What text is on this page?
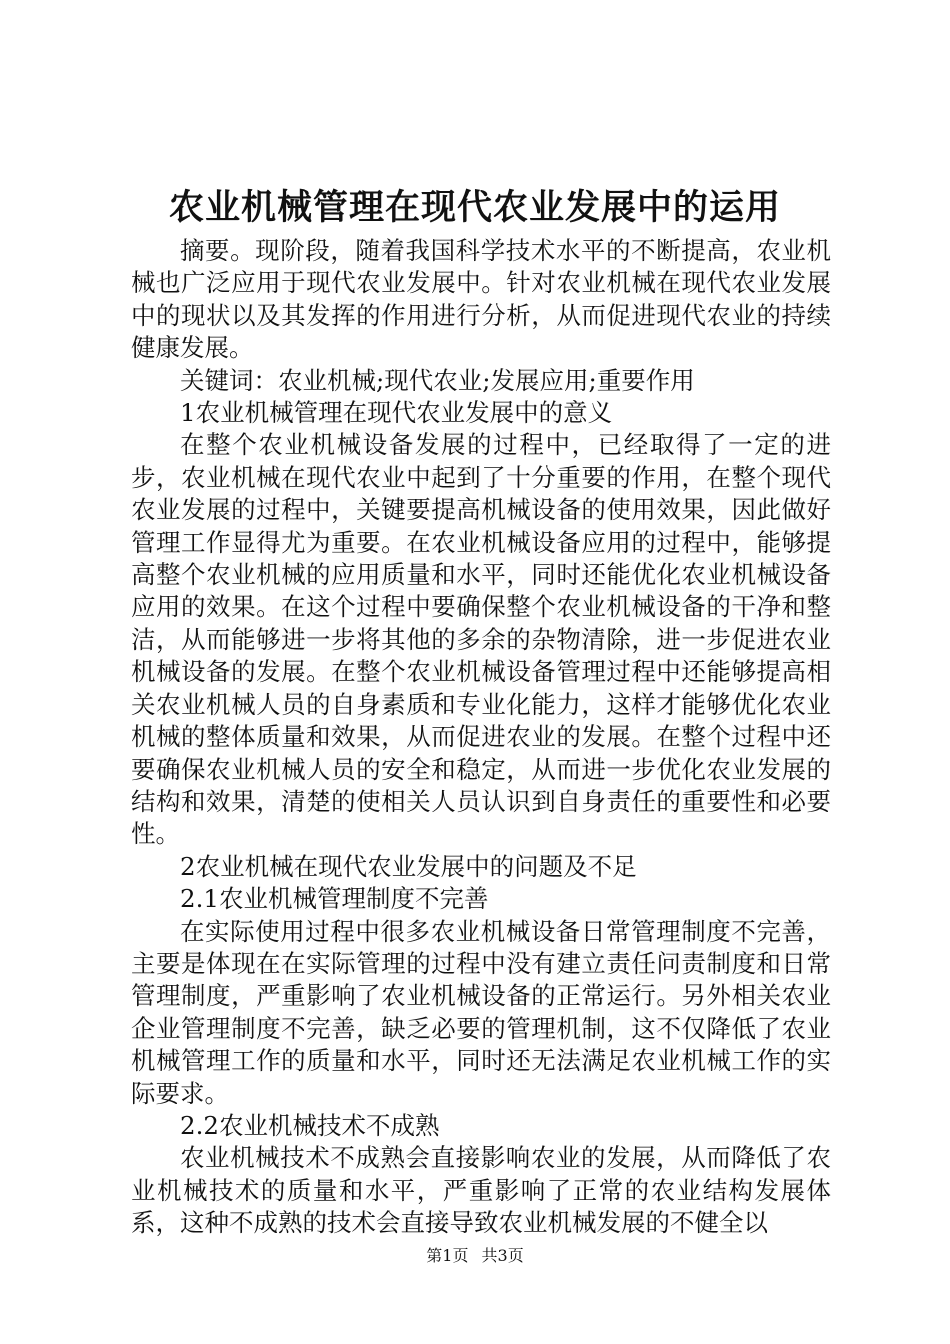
农业机械管理在现代农业发展中的运用

摘要。现阶段，随着我国科学技术水平的不断提高，农业机械也广泛应用于现代农业发展中。针对农业机械在现代农业发展中的现状以及其发挥的作用进行分析，从而促进现代农业的持续健康发展。

关键词：农业机械;现代农业;发展应用;重要作用

1农业机械管理在现代农业发展中的意义

在整个农业机械设备发展的过程中，已经取得了一定的进步，农业机械在现代农业中起到了十分重要的作用，在整个现代农业发展的过程中，关键要提高机械设备的使用效果，因此做好管理工作显得尤为重要。在农业机械设备应用的过程中，能够提高整个农业机械的应用质量和水平，同时还能优化农业机械设备应用的效果。在这个过程中要确保整个农业机械设备的干净和整洁，从而能够进一步将其他的多余的杂物清除，进一步促进农业机械设备的发展。在整个农业机械设备管理过程中还能够提高相关农业机械人员的自身素质和专业化能力，这样才能够优化农业机械的整体质量和效果，从而促进农业的发展。在整个过程中还要确保农业机械人员的安全和稳定，从而进一步优化农业发展的结构和效果，清楚的使相关人员认识到自身责任的重要性和必要性。

2农业机械在现代农业发展中的问题及不足

2.1农业机械管理制度不完善

在实际使用过程中很多农业机械设备日常管理制度不完善，主要是体现在在实际管理的过程中没有建立责任问责制度和日常管理制度，严重影响了农业机械设备的正常运行。另外相关农业企业管理制度不完善，缺乏必要的管理机制，这不仅降低了农业机械管理工作的质量和水平，同时还无法满足农业机械工作的实际要求。

2.2农业机械技术不成熟

农业机械技术不成熟会直接影响农业的发展，从而降低了农业机械技术的质量和水平，严重影响了正常的农业结构发展体系，这种不成熟的技术会直接导致农业机械发展的不健全以

第1页 共3页
